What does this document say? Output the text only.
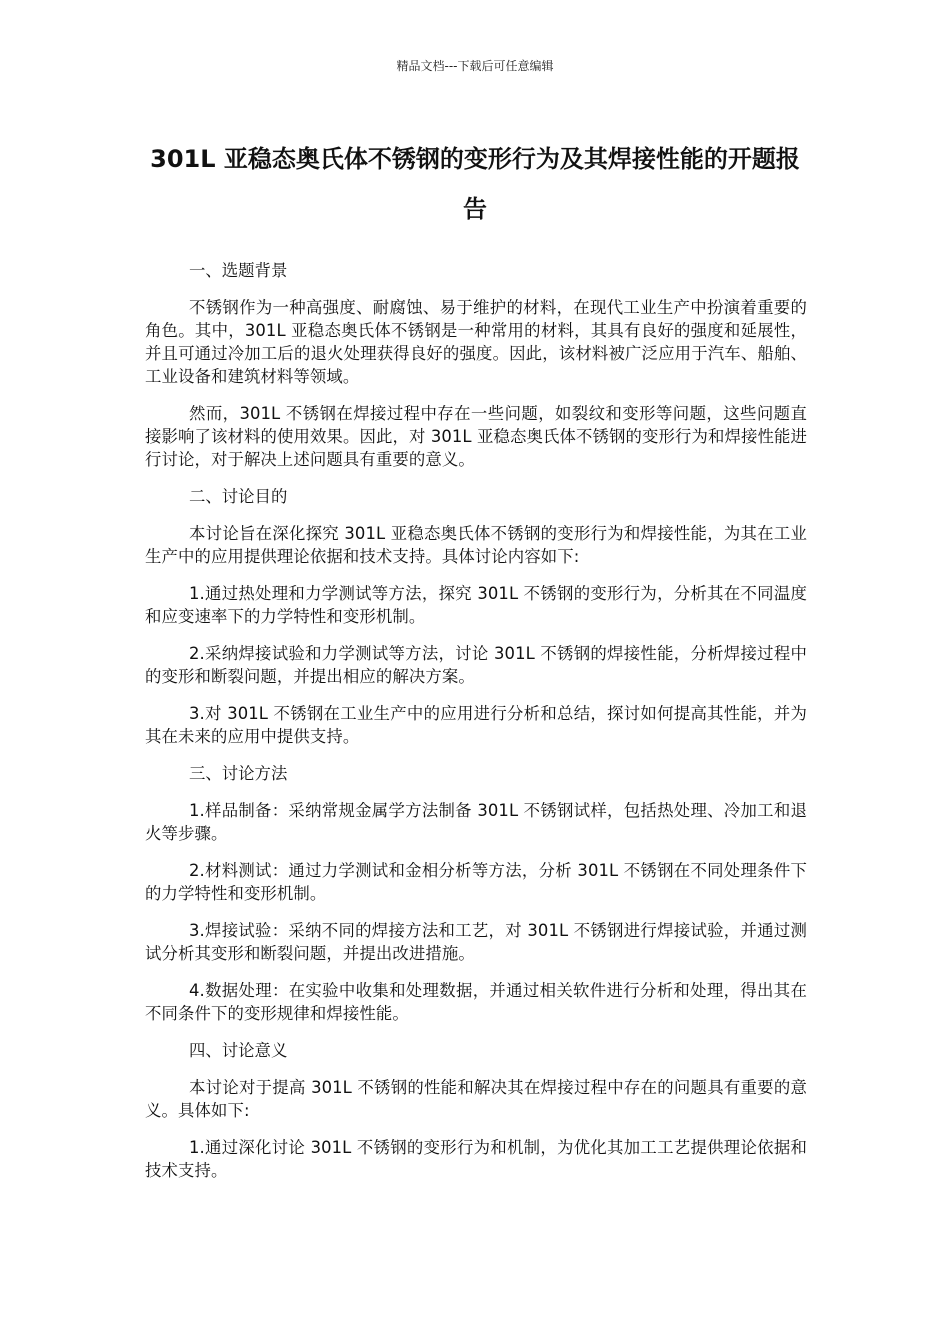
精品文档---下载后可任意编辑
301L 亚稳态奥氏体不锈钢的变形行为及其焊接性能的开题报告

一、选题背景

不锈钢作为一种高强度、耐腐蚀、易于维护的材料，在现代工业生产中扮演着重要的角色。其中，301L 亚稳态奥氏体不锈钢是一种常用的材料，其具有良好的强度和延展性，并且可通过冷加工后的退火处理获得良好的强度。因此，该材料被广泛应用于汽车、船舶、工业设备和建筑材料等领域。

然而，301L 不锈钢在焊接过程中存在一些问题，如裂纹和变形等问题，这些问题直接影响了该材料的使用效果。因此，对 301L 亚稳态奥氏体不锈钢的变形行为和焊接性能进行讨论，对于解决上述问题具有重要的意义。

二、讨论目的

本讨论旨在深化探究 301L 亚稳态奥氏体不锈钢的变形行为和焊接性能，为其在工业生产中的应用提供理论依据和技术支持。具体讨论内容如下:

1.通过热处理和力学测试等方法，探究 301L 不锈钢的变形行为，分析其在不同温度和应变速率下的力学特性和变形机制。

2.采纳焊接试验和力学测试等方法，讨论 301L 不锈钢的焊接性能，分析焊接过程中的变形和断裂问题，并提出相应的解决方案。

3.对 301L 不锈钢在工业生产中的应用进行分析和总结，探讨如何提高其性能，并为其在未来的应用中提供支持。

三、讨论方法

1.样品制备：采纳常规金属学方法制备 301L 不锈钢试样，包括热处理、冷加工和退火等步骤。

2.材料测试：通过力学测试和金相分析等方法，分析 301L 不锈钢在不同处理条件下的力学特性和变形机制。

3.焊接试验：采纳不同的焊接方法和工艺，对 301L 不锈钢进行焊接试验，并通过测试分析其变形和断裂问题，并提出改进措施。

4.数据处理：在实验中收集和处理数据，并通过相关软件进行分析和处理，得出其在不同条件下的变形规律和焊接性能。

四、讨论意义

本讨论对于提高 301L 不锈钢的性能和解决其在焊接过程中存在的问题具有重要的意义。具体如下:

1.通过深化讨论 301L 不锈钢的变形行为和机制，为优化其加工工艺提供理论依据和技术支持。
